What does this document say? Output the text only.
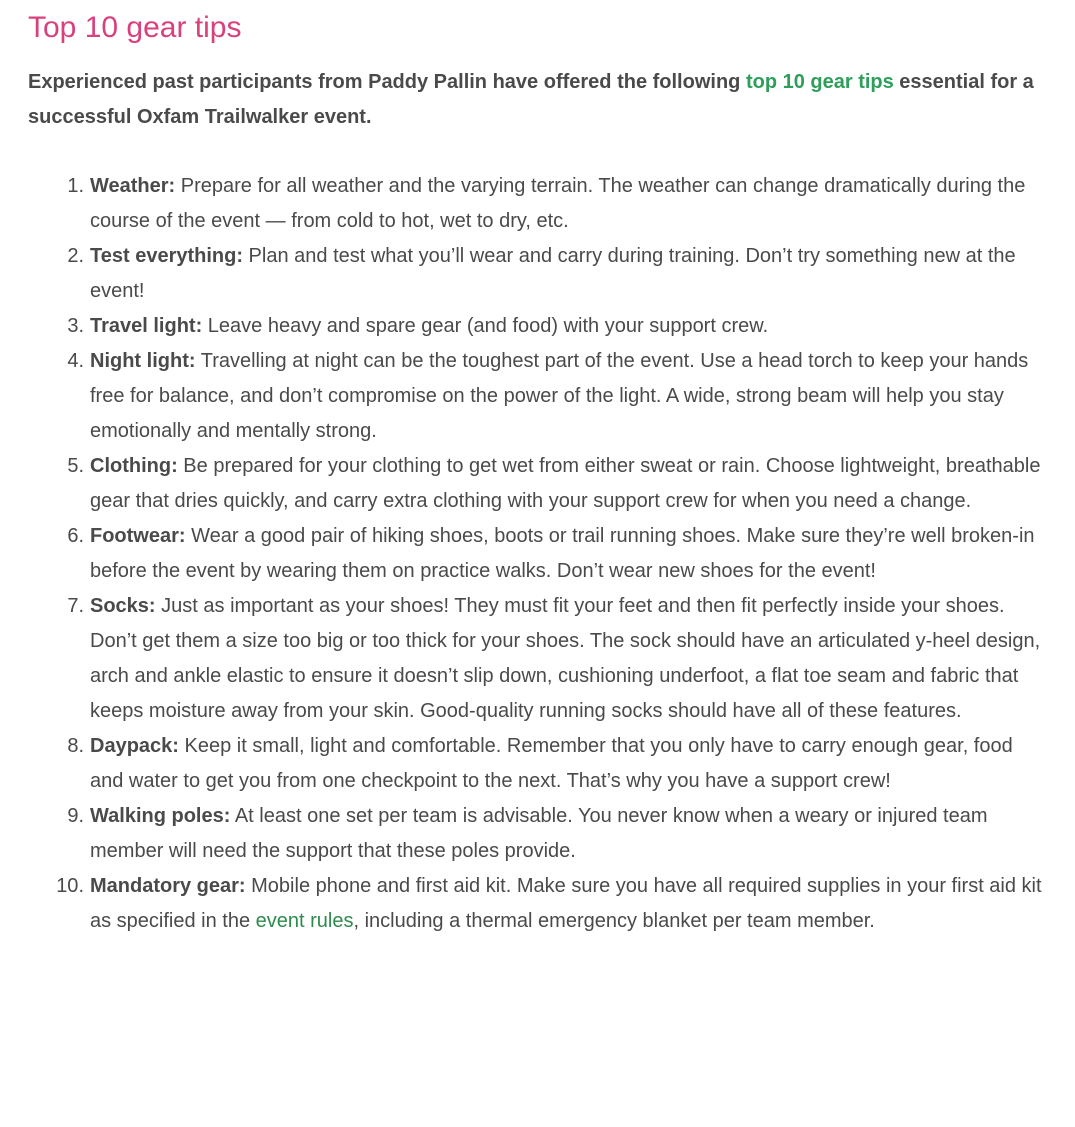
Top 10 gear tips

Experienced past participants from Paddy Pallin have offered the following top 10 gear tips essential for a successful Oxfam Trailwalker event.

Weather: Prepare for all weather and the varying terrain. The weather can change dramatically during the course of the event — from cold to hot, wet to dry, etc.
Test everything: Plan and test what you’ll wear and carry during training. Don’t try something new at the event!
Travel light: Leave heavy and spare gear (and food) with your support crew.
Night light: Travelling at night can be the toughest part of the event. Use a head torch to keep your hands free for balance, and don’t compromise on the power of the light. A wide, strong beam will help you stay emotionally and mentally strong.
Clothing: Be prepared for your clothing to get wet from either sweat or rain. Choose lightweight, breathable gear that dries quickly, and carry extra clothing with your support crew for when you need a change.
Footwear: Wear a good pair of hiking shoes, boots or trail running shoes. Make sure they’re well broken-in before the event by wearing them on practice walks. Don’t wear new shoes for the event!
Socks: Just as important as your shoes! They must fit your feet and then fit perfectly inside your shoes. Don’t get them a size too big or too thick for your shoes. The sock should have an articulated y-heel design, arch and ankle elastic to ensure it doesn’t slip down, cushioning underfoot, a flat toe seam and fabric that keeps moisture away from your skin. Good-quality running socks should have all of these features.
Daypack: Keep it small, light and comfortable. Remember that you only have to carry enough gear, food and water to get you from one checkpoint to the next. That’s why you have a support crew!
Walking poles: At least one set per team is advisable. You never know when a weary or injured team member will need the support that these poles provide.
Mandatory gear: Mobile phone and first aid kit. Make sure you have all required supplies in your first aid kit as specified in the event rules, including a thermal emergency blanket per team member.
